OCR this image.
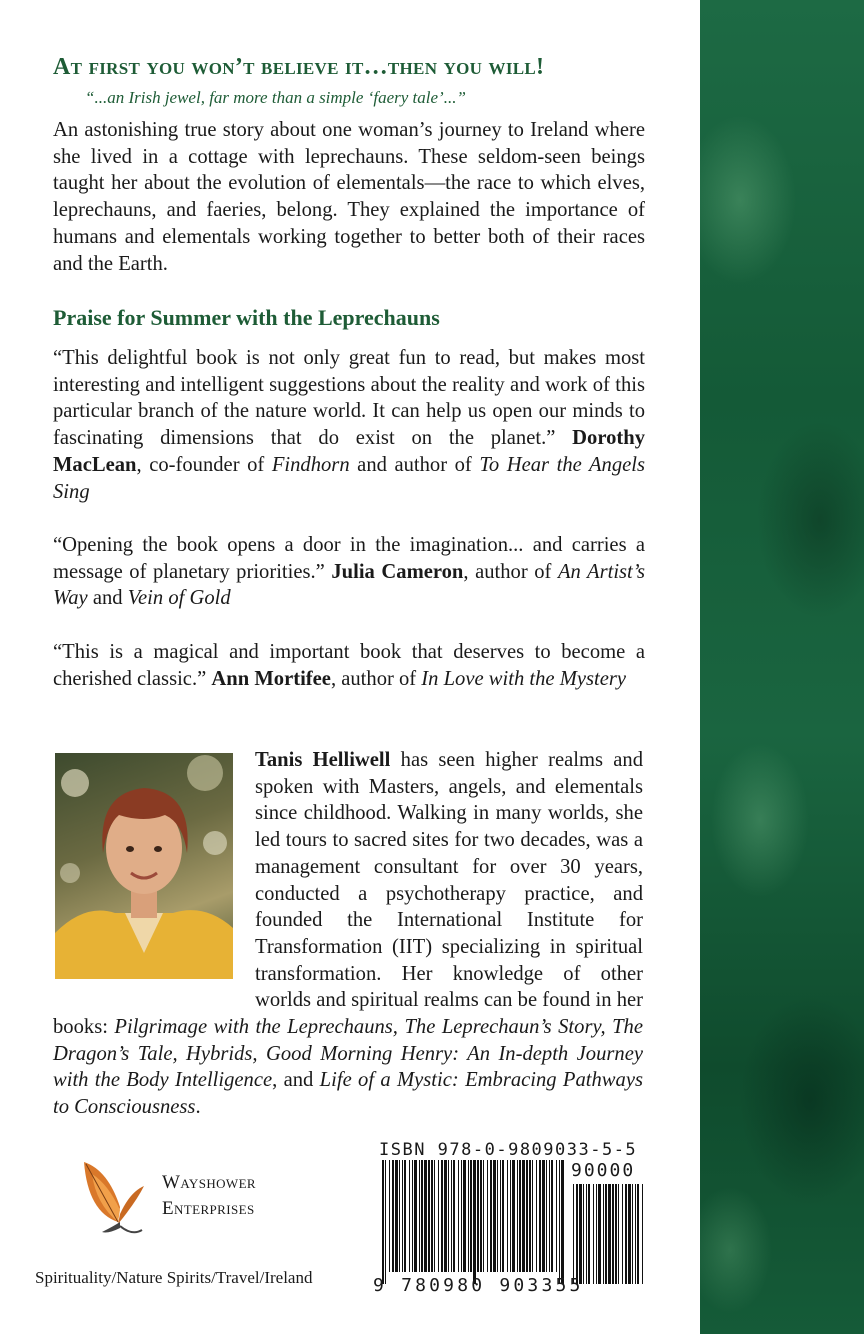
At first you won’t believe it…then you will!
“...an Irish jewel, far more than a simple ‘faery tale’...”

An astonishing true story about one woman’s journey to Ireland where she lived in a cottage with leprechauns. These seldom-seen beings taught her about the evolution of elementals—the race to which elves, leprechauns, and faeries, belong. They explained the importance of humans and elementals working together to better both of their races and the Earth.

Praise for Summer with the Leprechauns

“This delightful book is not only great fun to read, but makes most interesting and intelligent suggestions about the reality and work of this particular branch of the nature world. It can help us open our minds to fascinating dimensions that do exist on the planet.” Dorothy MacLean, co-founder of Findhorn and author of To Hear the Angels Sing

“Opening the book opens a door in the imagination... and carries a message of planetary priorities.” Julia Cameron, author of An Artist’s Way and Vein of Gold

“This is a magical and important book that deserves to become a cherished classic.” Ann Mortifee, author of In Love with the Mystery

Tanis Helliwell has seen higher realms and spoken with Masters, angels, and elementals since childhood. Walking in many worlds, she led tours to sacred sites for two decades, was a management consultant for over 30 years, conducted a psychotherapy practice, and founded the International Institute for Transformation (IIT) specializing in spiritual transformation. Her knowledge of other worlds and spiritual realms can be found in her books: Pilgrimage with the Leprechauns, The Leprechaun’s Story, The Dragon’s Tale, Hybrids, Good Morning Henry: An In-depth Journey with the Body Intelligence, and Life of a Mystic: Embracing Pathways to Consciousness.

Wayshower
Enterprises
Spirituality/Nature Spirits/Travel/Ireland
ISBN 978-0-9809033-5-5
90000
9 780980 903355
